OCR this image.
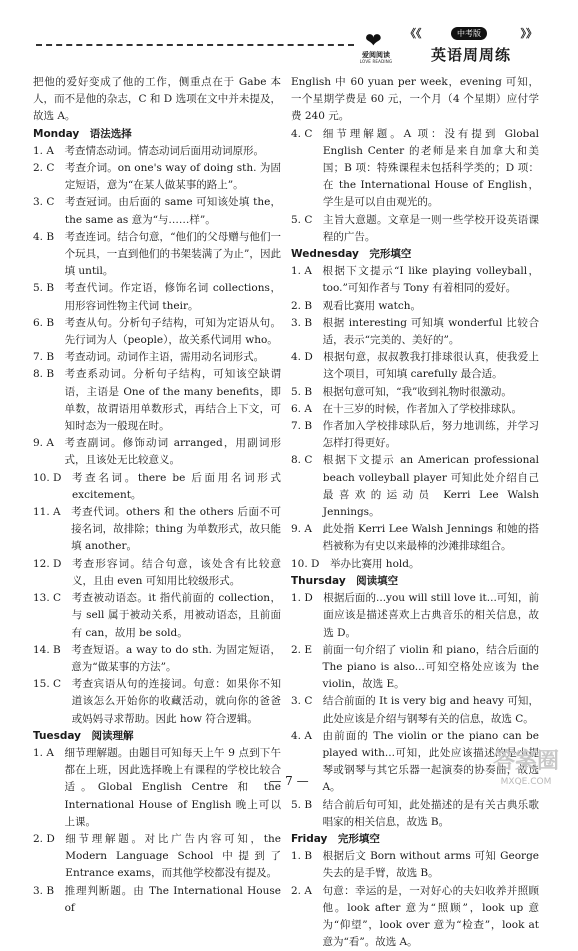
❤
爱阅阅读
LOVE READING
《《	中考版	》》
英语周周练

把他的爱好变成了他的工作，侧重点在于 Gabe 本人，而不是他的杂志，C 和 D 选项在文中并未提及，故选 A。

Monday　语法选择

1. A　 考查情态动词。情态动词后面用动词原形。

2. C　 考查介词。on one's way of doing sth. 为固定短语，意为“在某人做某事的路上”。

3. C　 考查冠词。由后面的 same 可知该处填 the，the same as 意为“与……样”。

4. B　 考查连词。结合句意，“他们的父母赠与他们一个玩具，一直到他们的书架装满了为止”，因此填 until。

5. B　 考查代词。作定语，修饰名词 collections，用形容词性物主代词 their。

6. B　 考查从句。分析句子结构，可知为定语从句。先行词为人（people），故关系代词用 who。

7. B　 考查动词。动词作主语，需用动名词形式。

8. B　 考查系动词。分析句子结构，可知该空缺谓语，主语是 One of the many benefits，即单数，故谓语用单数形式，再结合上下文，可知时态为一般现在时。

9. A　 考查副词。修饰动词 arranged，用副词形式，且该处无比较意义。

10. D　 考查名词。there be 后面用名词形式 excitement。

11. A　 考查代词。others 和 the others 后面不可接名词，故排除；thing 为单数形式，故只能填 another。

12. D　 考查形容词。结合句意，该处含有比较意义，且由 even 可知用比较级形式。

13. C　 考查被动语态。it 指代前面的 collection，与 sell 属于被动关系，用被动语态，且前面有 can，故用 be sold。

14. B　 考查短语。a way to do sth. 为固定短语，意为“做某事的方法”。

15. C　 考查宾语从句的连接词。句意：如果你不知道该怎么开始你的收藏活动，就向你的爸爸或妈妈寻求帮助。因此 how 符合逻辑。

Tuesday　阅读理解

1. A　 细节理解题。由题目可知每天上午 9 点到下午都在上班，因此选择晚上有课程的学校比较合适。Global English Centre 和 the International House of English 晚上可以上课。

2. D　 细节理解题。对比广告内容可知，the Modern Language School 中提到了 Entrance exams，而其他学校都没有提及。

3. B　 推理判断题。由 The International House of

English 中 60 yuan per week，evening 可知，一个星期学费是 60 元，一个月（4 个星期）应付学费 240 元。

4. C　 细节理解题。A 项：没有提到 Global English Center 的老师是来自加拿大和美国；B 项：特殊课程未包括科学类的；D 项：在 the International House of English，学生是可以自由观光的。

5. C　 主旨大意题。文章是一则一些学校开设英语课程的广告。

Wednesday　完形填空

1. A　 根据下文提示“I like playing volleyball，too.”可知作者与 Tony 有着相同的爱好。

2. B　 观看比赛用 watch。

3. B　 根据 interesting 可知填 wonderful 比较合适，表示“完美的、美好的”。

4. D　 根据句意，叔叔教我打排球很认真，使我爱上这个项目，可知填 carefully 最合适。

5. B　 根据句意可知，“我”收到礼物时很激动。

6. A　 在十三岁的时候，作者加入了学校排球队。

7. B　 作者加入学校排球队后，努力地训练，并学习怎样打得更好。

8. C　 根据下文提示 an American professional beach volleyball player 可知此处介绍自己最喜欢的运动员 Kerri Lee Walsh Jennings。

9. A　 此处指 Kerri Lee Walsh Jennings 和她的搭档被称为有史以来最棒的沙滩排球组合。

10. D　 举办比赛用 hold。

Thursday　阅读填空

1. D　 根据后面的...you will still love it...可知，前面应该是描述喜欢上古典音乐的相关信息，故选 D。

2. E　 前面一句介绍了 violin 和 piano，结合后面的 The piano is also...可知空格处应该为 the violin，故选 E。

3. C　 结合前面的 It is very big and heavy 可知，此处应该是介绍与钢琴有关的信息，故选 C。

4. A　 由前面的 The violin or the piano can be played with...可知，此处应该描述的是小提琴或钢琴与其它乐器一起演奏的协奏曲，故选 A。

5. B　 结合前后句可知，此处描述的是有关古典乐歌唱家的相关信息，故选 B。

Friday　完形填空

1. B　 根据后文 Born without arms 可知 George 失去的是手臂，故选 B。

2. A　 句意：幸运的是，一对好心的夫妇收养并照顾他。look after 意为“照顾”，look up 意为“仰望”，look over 意为“检查”，look at 意为“看”。故选 A。

— 7 —
答案圈
MXQE.COM
